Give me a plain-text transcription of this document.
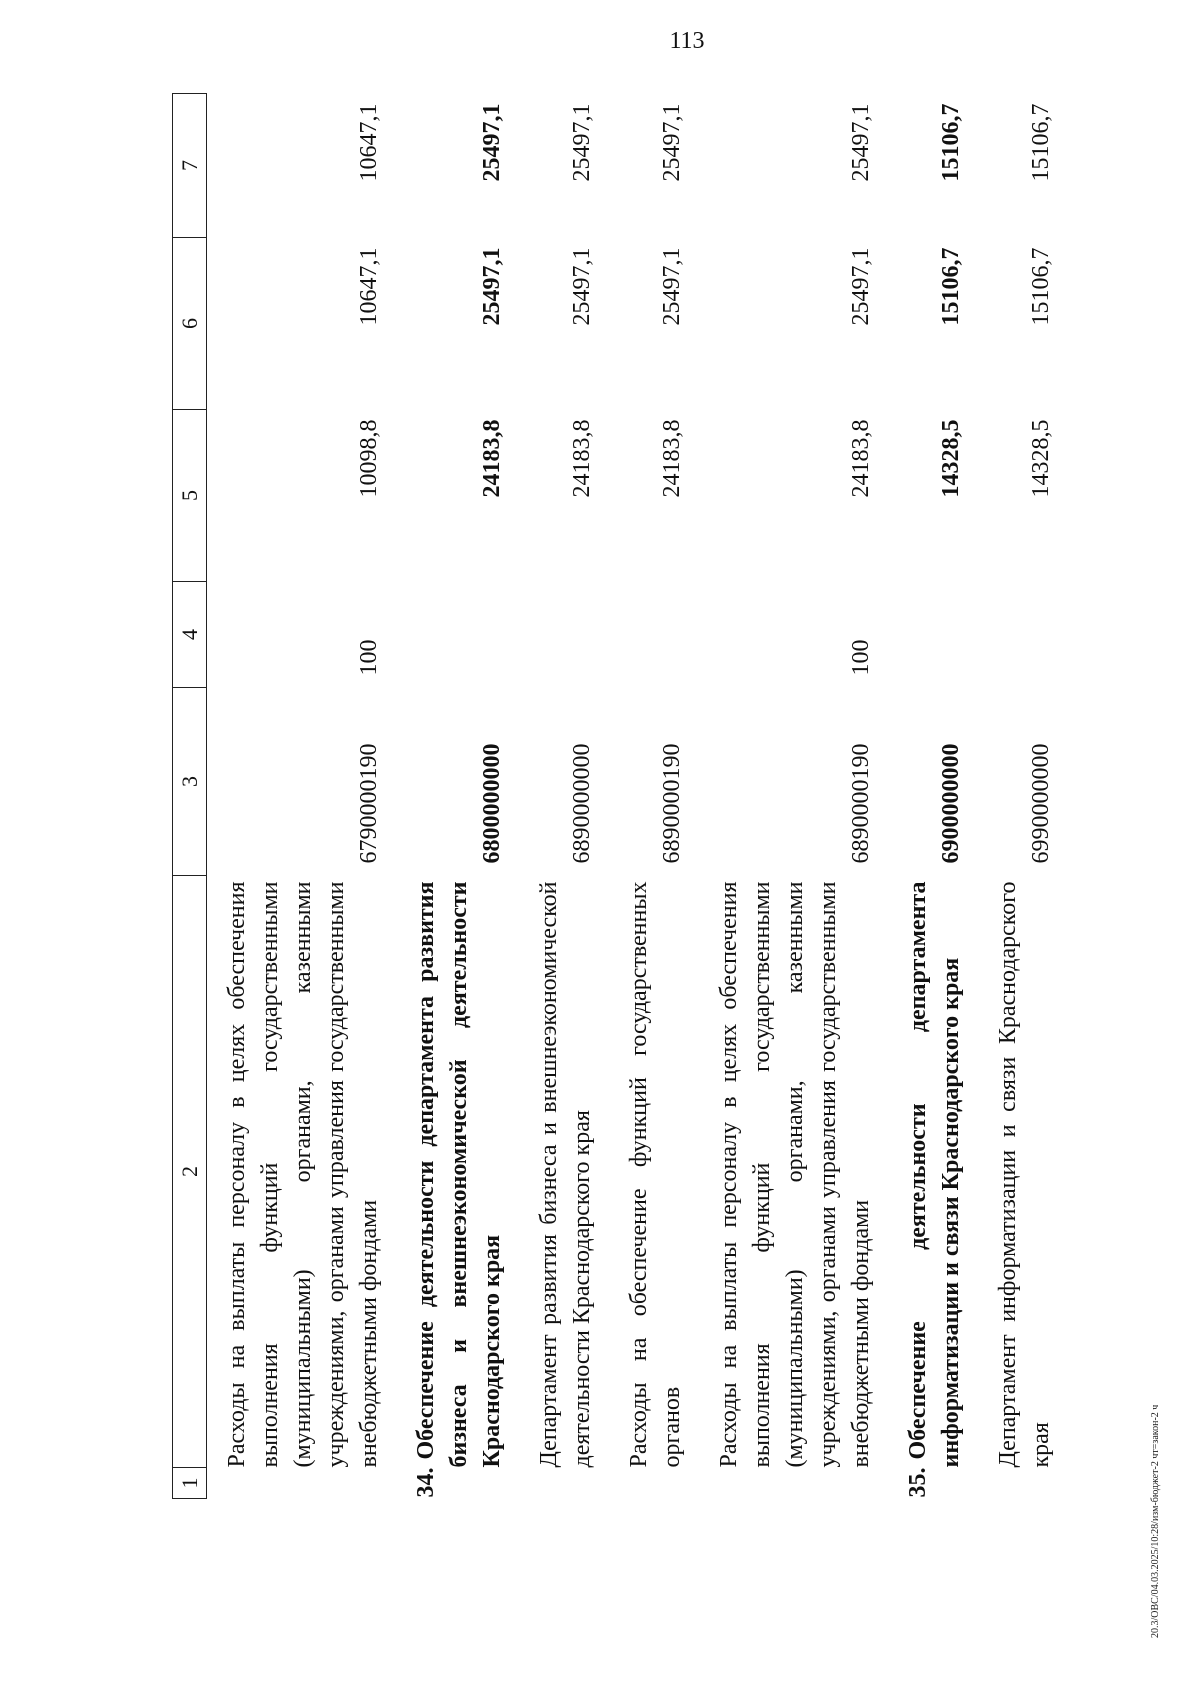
113
1	2	3	4	5	6	7
	Расходы на выплаты персоналу в целях обеспечения выполнения функций государственными (муниципальными) органами, казенными учреждениями, органами управления государственными внебюджетными фондами	6790000190	100	10098,8	10647,1	10647,1
	34.Обеспечение деятельности департамента развития бизнеса и внешнеэкономической деятельности Краснодарского края	6800000000		24183,8	25497,1	25497,1
	Департамент развития бизнеса и внешнеэкономической деятельности Краснодарского края	6890000000		24183,8	25497,1	25497,1
	Расходы на обеспечение функций государственных органов	6890000190		24183,8	25497,1	25497,1
	Расходы на выплаты персоналу в целях обеспечения выполнения функций государственными (муниципальными) органами, казенными учреждениями, органами управления государственными внебюджетными фондами	6890000190	100	24183,8	25497,1	25497,1
	35.Обеспечение деятельности департамента информатизации и связи Краснодарского края	6900000000		14328,5	15106,7	15106,7
	Департамент информатизации и связи Краснодарского края	6990000000		14328,5	15106,7	15106,7
20.3/OBC/04.03.2025/10:28/изм-бюджет-2 чт=закон-2 ч
